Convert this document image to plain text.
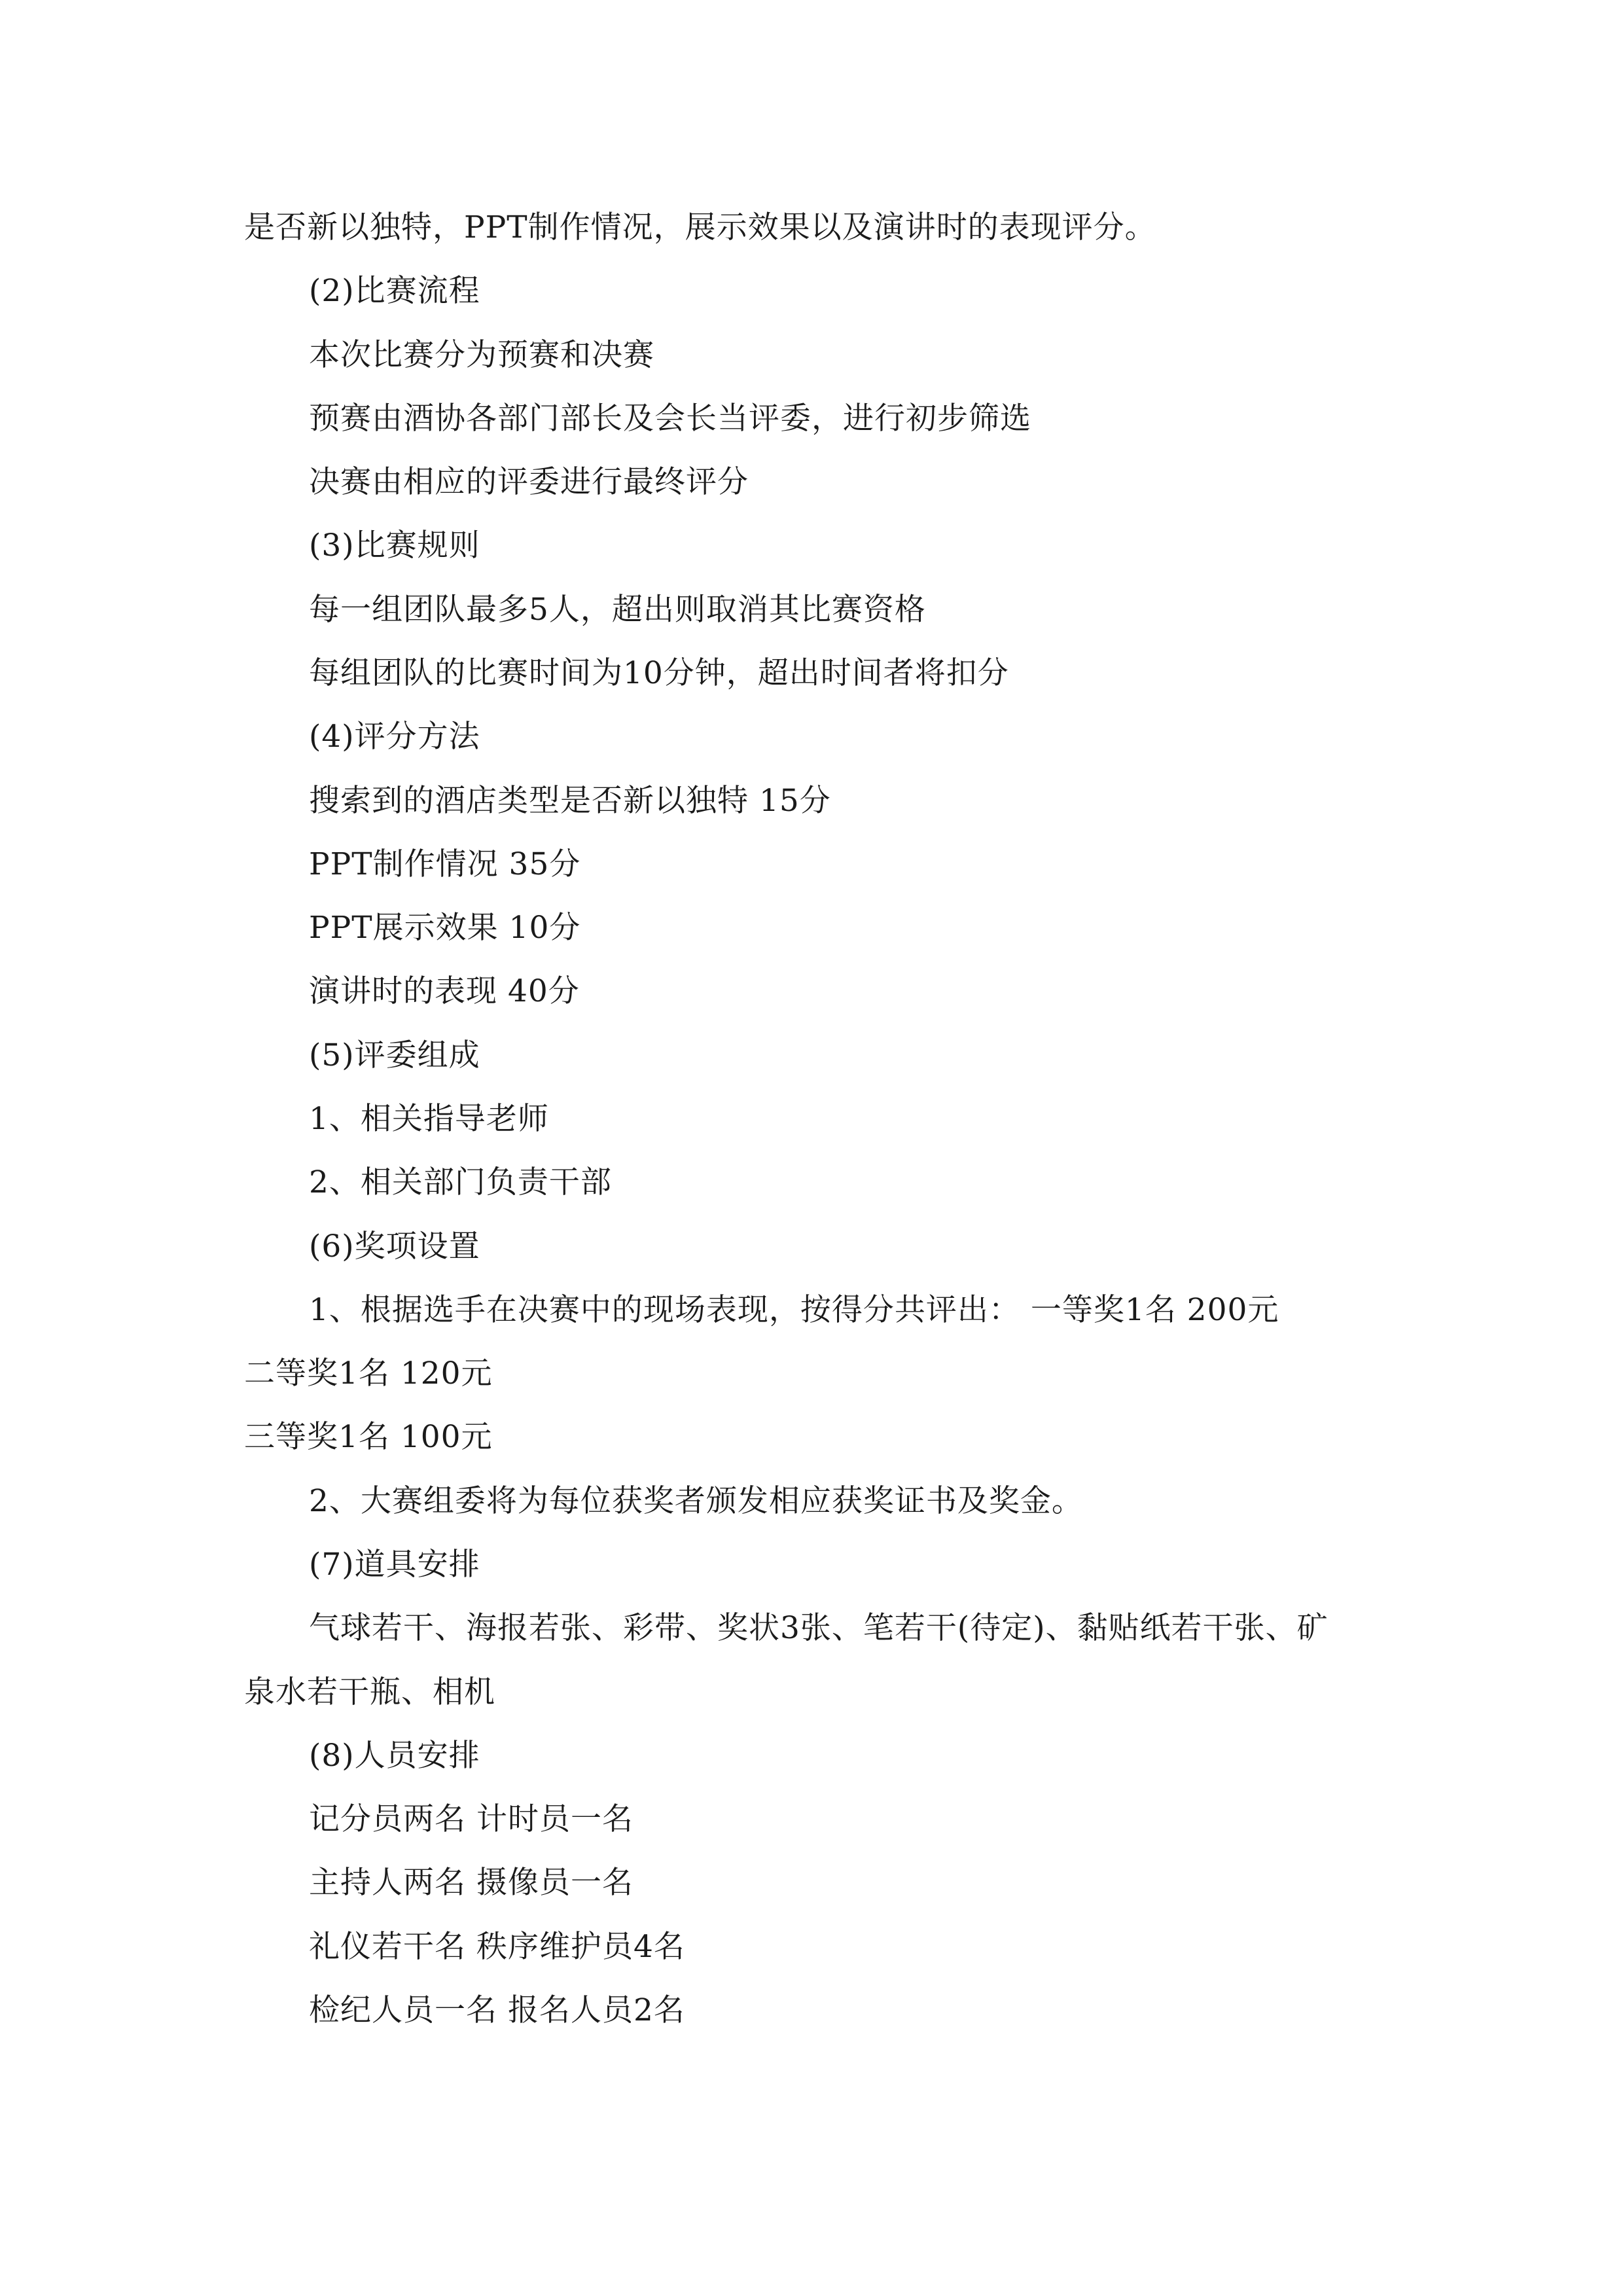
是否新以独特，PPT制作情况，展示效果以及演讲时的表现评分。
(2)比赛流程
本次比赛分为预赛和决赛
预赛由酒协各部门部长及会长当评委，进行初步筛选
决赛由相应的评委进行最终评分
(3)比赛规则
每一组团队最多5人，超出则取消其比赛资格
每组团队的比赛时间为10分钟，超出时间者将扣分
(4)评分方法
搜索到的酒店类型是否新以独特 15分
PPT制作情况 35分
PPT展示效果 10分
演讲时的表现 40分
(5)评委组成
1、相关指导老师
2、相关部门负责干部
(6)奖项设置
1、根据选手在决赛中的现场表现，按得分共评出： 一等奖1名 200元
二等奖1名 120元
三等奖1名 100元
2、大赛组委将为每位获奖者颁发相应获奖证书及奖金。
(7)道具安排
气球若干、海报若张、彩带、奖状3张、笔若干(待定)、黏贴纸若干张、矿
泉水若干瓶、相机
(8)人员安排
记分员两名 计时员一名
主持人两名 摄像员一名
礼仪若干名 秩序维护员4名
检纪人员一名 报名人员2名
